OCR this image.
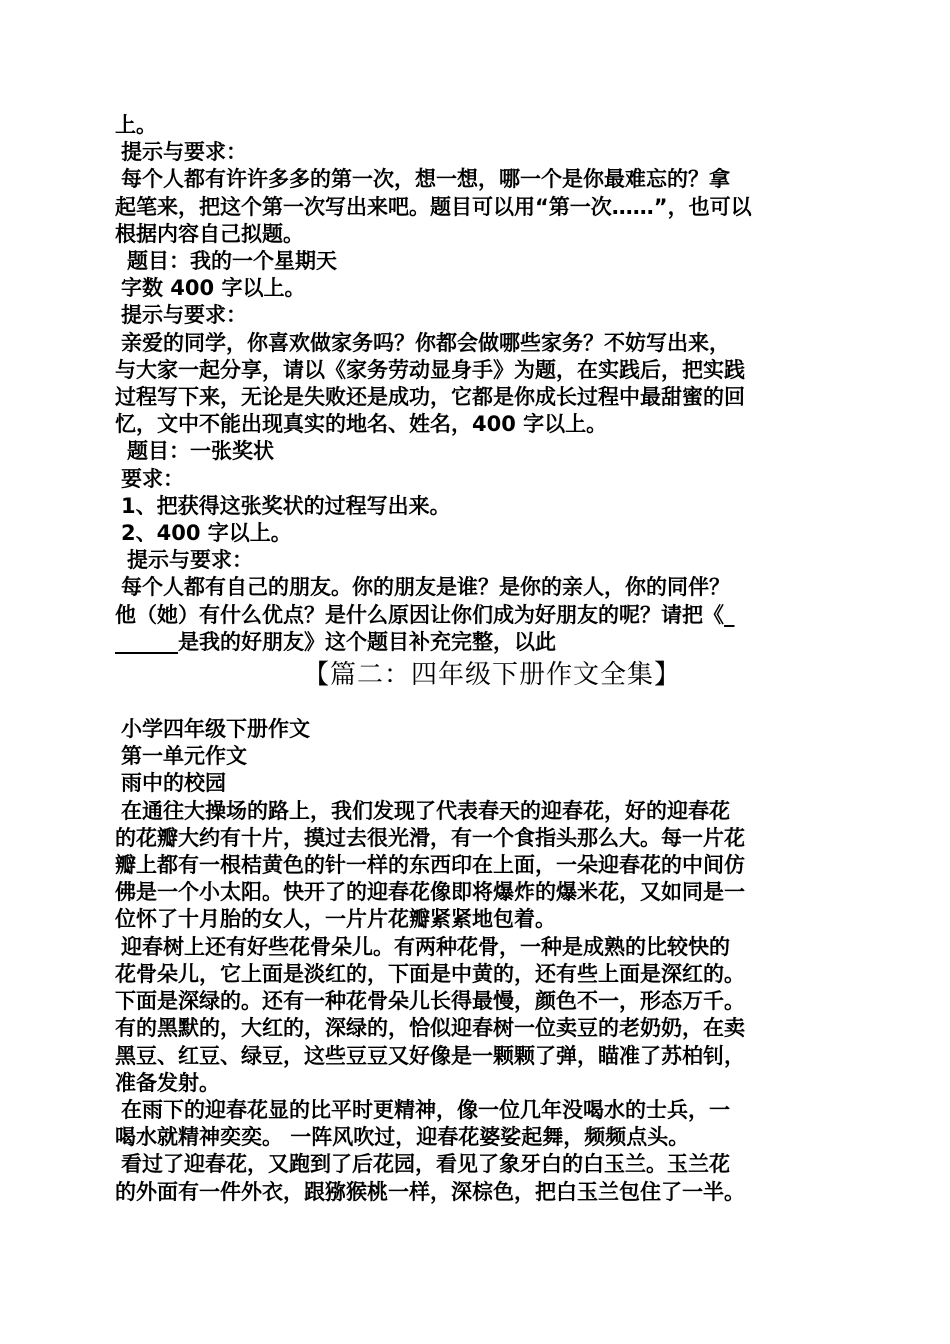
上。
提示与要求：
每个人都有许许多多的第一次，想一想，哪一个是你最难忘的？拿
起笔来，把这个第一次写出来吧。题目可以用“第一次……”，也可以
根据内容自己拟题。
题目：我的一个星期天
字数 400 字以上。
提示与要求：
亲爱的同学，你喜欢做家务吗？你都会做哪些家务？不妨写出来，
与大家一起分享，请以《家务劳动显身手》为题，在实践后，把实践
过程写下来，无论是失败还是成功，它都是你成长过程中最甜蜜的回
忆，文中不能出现真实的地名、姓名，400 字以上。
题目：一张奖状
要求：
1、把获得这张奖状的过程写出来。
2、400 字以上。
提示与要求：
每个人都有自己的朋友。你的朋友是谁？是你的亲人，你的同伴？
他（她）有什么优点？是什么原因让你们成为好朋友的呢？请把《_
______是我的好朋友》这个题目补充完整，以此
【篇二：四年级下册作文全集】
小学四年级下册作文
第一单元作文
雨中的校园
在通往大操场的路上，我们发现了代表春天的迎春花，好的迎春花
的花瓣大约有十片，摸过去很光滑，有一个食指头那么大。每一片花
瓣上都有一根桔黄色的针一样的东西印在上面，一朵迎春花的中间仿
佛是一个小太阳。快开了的迎春花像即将爆炸的爆米花，又如同是一
位怀了十月胎的女人，一片片花瓣紧紧地包着。
迎春树上还有好些花骨朵儿。有两种花骨，一种是成熟的比较快的
花骨朵儿，它上面是淡红的，下面是中黄的，还有些上面是深红的。
下面是深绿的。还有一种花骨朵儿长得最慢，颜色不一，形态万千。
有的黑默的，大红的，深绿的，恰似迎春树一位卖豆的老奶奶，在卖
黑豆、红豆、绿豆，这些豆豆又好像是一颗颗了弹，瞄准了苏柏钊，
准备发射。
在雨下的迎春花显的比平时更精神，像一位几年没喝水的士兵，一
喝水就精神奕奕。 一阵风吹过，迎春花婆娑起舞，频频点头。
看过了迎春花，又跑到了后花园，看见了象牙白的白玉兰。玉兰花
的外面有一件外衣，跟猕猴桃一样，深棕色，把白玉兰包住了一半。
